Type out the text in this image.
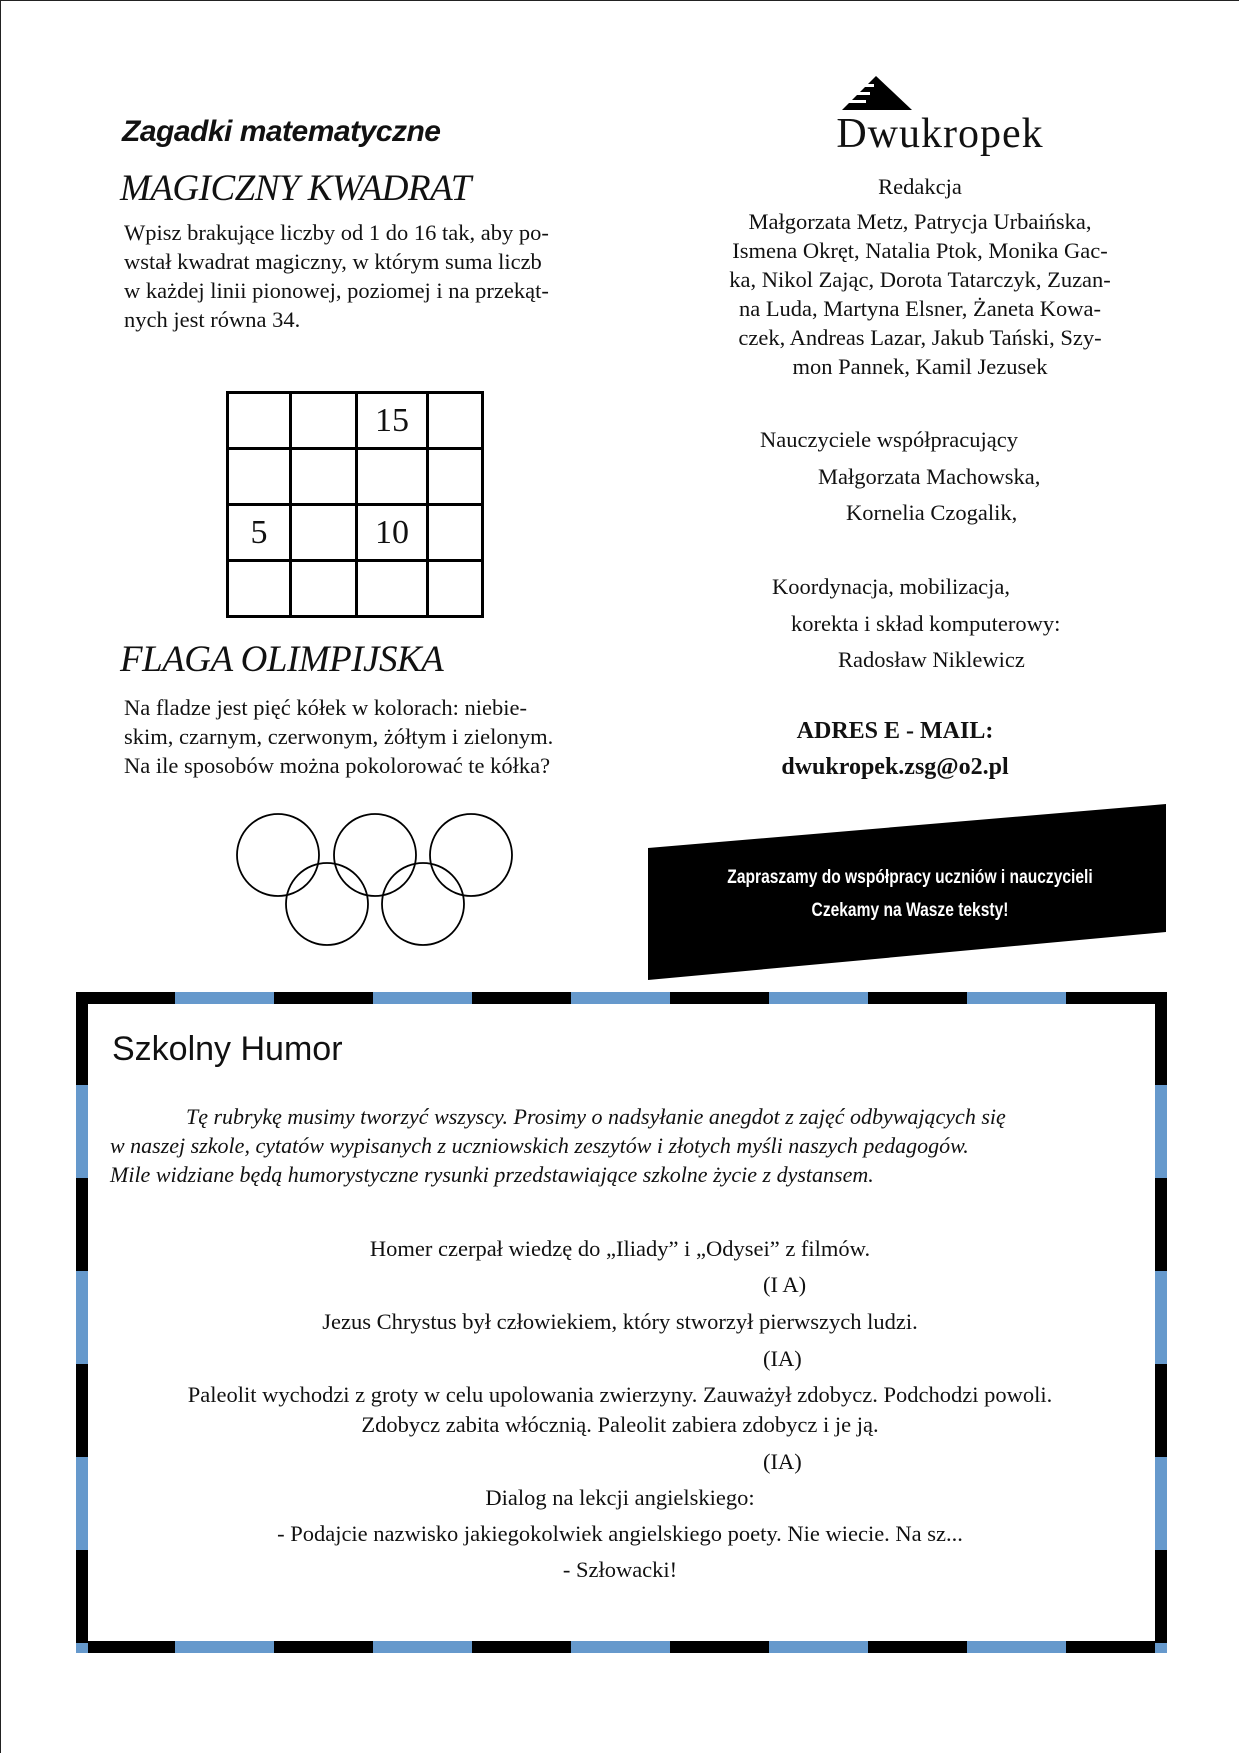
Zagadki matematyczne
MAGICZNY KWADRAT
Wpisz brakujące liczby od 1 do 16 tak, aby po-
wstał kwadrat magiczny, w którym suma liczb
w każdej linii pionowej, poziomej i na przekąt-
nych jest równa 34.
		15	

5		10	

FLAGA OLIMPIJSKA
Na fladze jest pięć kółek w kolorach: niebie-
skim, czarnym, czerwonym, żółtym i zielonym.
Na ile sposobów można pokolorować te kółka?
Dwukropek
Redakcja
Małgorzata Metz, Patrycja Urbaińska,
Ismena Okręt, Natalia Ptok, Monika Gac-
ka, Nikol Zając, Dorota Tatarczyk, Zuzan-
na Luda, Martyna Elsner, Żaneta Kowa-
czek, Andreas Lazar, Jakub Tański, Szy-
mon Pannek, Kamil Jezusek
Nauczyciele współpracujący
Małgorzata Machowska,
Kornelia Czogalik,
Koordynacja, mobilizacja,
korekta i skład komputerowy:
Radosław Niklewicz
ADRES E - MAIL:
dwukropek.zsg@o2.pl
Zapraszamy do współpracy uczniów i nauczycieli
Czekamy na Wasze teksty!
Szkolny Humor
Tę rubrykę musimy tworzyć wszyscy. Prosimy o nadsyłanie anegdot z zajęć odbywających się
w naszej szkole, cytatów wypisanych z uczniowskich zeszytów i złotych myśli naszych pedagogów.
Mile widziane będą humorystyczne rysunki przedstawiające szkolne życie z dystansem.
Homer czerpał wiedzę do „Iliady” i „Odysei” z filmów.
(I A)
Jezus Chrystus był człowiekiem, który stworzył pierwszych ludzi.
(IA)
Paleolit wychodzi z groty w celu upolowania zwierzyny. Zauważył zdobycz. Podchodzi powoli.
Zdobycz zabita włócznią. Paleolit zabiera zdobycz i je ją.
(IA)
Dialog na lekcji angielskiego:
- Podajcie nazwisko jakiegokolwiek angielskiego poety. Nie wiecie. Na sz...
- Szłowacki!
